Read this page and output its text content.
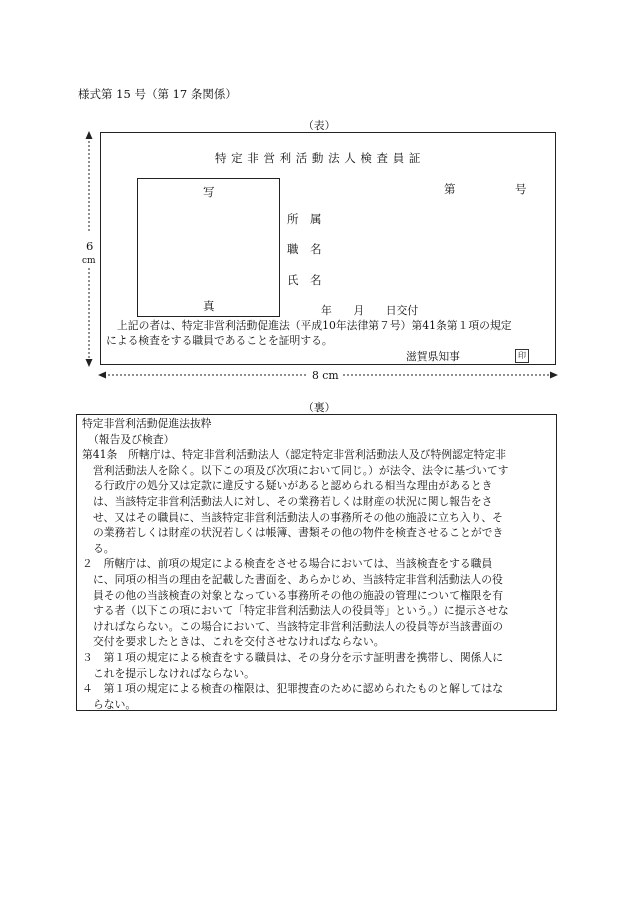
様式第 15 号（第 17 条関係）
（表）
特 定 非 営 利 活 動 法 人 検 査 員 証
写
真
第	号
所　属
職　名
氏　名
年　　月　　日交付
上記の者は、特定非営利活動促進法（平成10年法律第７号）第41条第１項の規定
による検査をする職員であることを証明する。
滋賀県知事	印
6
cm
8 cm
（裏）
特定非営利活動促進法抜粋
（報告及び検査）
第41条　所轄庁は、特定非営利活動法人（認定特定非営利活動法人及び特例認定特定非
営利活動法人を除く。以下この項及び次項において同じ。）が法令、法令に基づいてす
る行政庁の処分又は定款に違反する疑いがあると認められる相当な理由があるとき
は、当該特定非営利活動法人に対し、その業務若しくは財産の状況に関し報告をさ
せ、又はその職員に、当該特定非営利活動法人の事務所その他の施設に立ち入り、そ
の業務若しくは財産の状況若しくは帳簿、書類その他の物件を検査させることができ
る。
２　所轄庁は、前項の規定による検査をさせる場合においては、当該検査をする職員
に、同項の相当の理由を記載した書面を、あらかじめ、当該特定非営利活動法人の役
員その他の当該検査の対象となっている事務所その他の施設の管理について権限を有
する者（以下この項において「特定非営利活動法人の役員等」という。）に提示させな
ければならない。この場合において、当該特定非営利活動法人の役員等が当該書面の
交付を要求したときは、これを交付させなければならない。
３　第１項の規定による検査をする職員は、その身分を示す証明書を携帯し、関係人に
これを提示しなければならない。
４　第１項の規定による検査の権限は、犯罪捜査のために認められたものと解してはな
らない。
